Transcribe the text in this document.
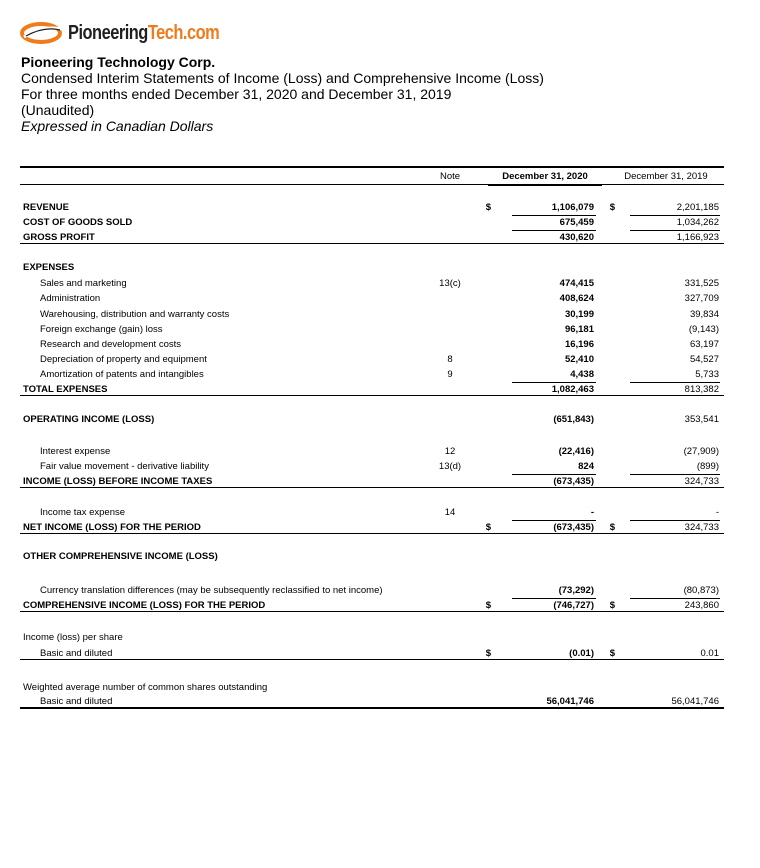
PioneeringTech.com
Pioneering Technology Corp.
Condensed Interim Statements of Income (Loss) and Comprehensive Income (Loss)
For three months ended December 31, 2020 and December 31, 2019
(Unaudited)
Expressed in Canadian Dollars
Note	December 31, 2020	December 31, 2019
REVENUE	$	1,106,079	$	2,201,185
COST OF GOODS SOLD	675,459	1,034,262
GROSS PROFIT	430,620	1,166,923
EXPENSES
Sales and marketing	13(c)	474,415	331,525
Administration	408,624	327,709
Warehousing, distribution and warranty costs	30,199	39,834
Foreign exchange (gain) loss	96,181	(9,143)
Research and development costs	16,196	63,197
Depreciation of property and equipment	8	52,410	54,527
Amortization of patents and intangibles	9	4,438	5,733
TOTAL EXPENSES	1,082,463	813,382
OPERATING INCOME (LOSS)	(651,843)	353,541
Interest expense	12	(22,416)	(27,909)
Fair value movement - derivative liability	13(d)	824	(899)
INCOME (LOSS) BEFORE INCOME TAXES	(673,435)	324,733
Income tax expense	14	-	-
NET INCOME (LOSS) FOR THE PERIOD	$	(673,435)	$	324,733
OTHER COMPREHENSIVE INCOME (LOSS)
Currency translation differences (may be subsequently reclassified to net income)	(73,292)	(80,873)
COMPREHENSIVE INCOME (LOSS) FOR THE PERIOD	$	(746,727)	$	243,860
Income (loss) per share
Basic and diluted	$	(0.01)	$	0.01
Weighted average number of common shares outstanding
Basic and diluted	56,041,746	56,041,746
